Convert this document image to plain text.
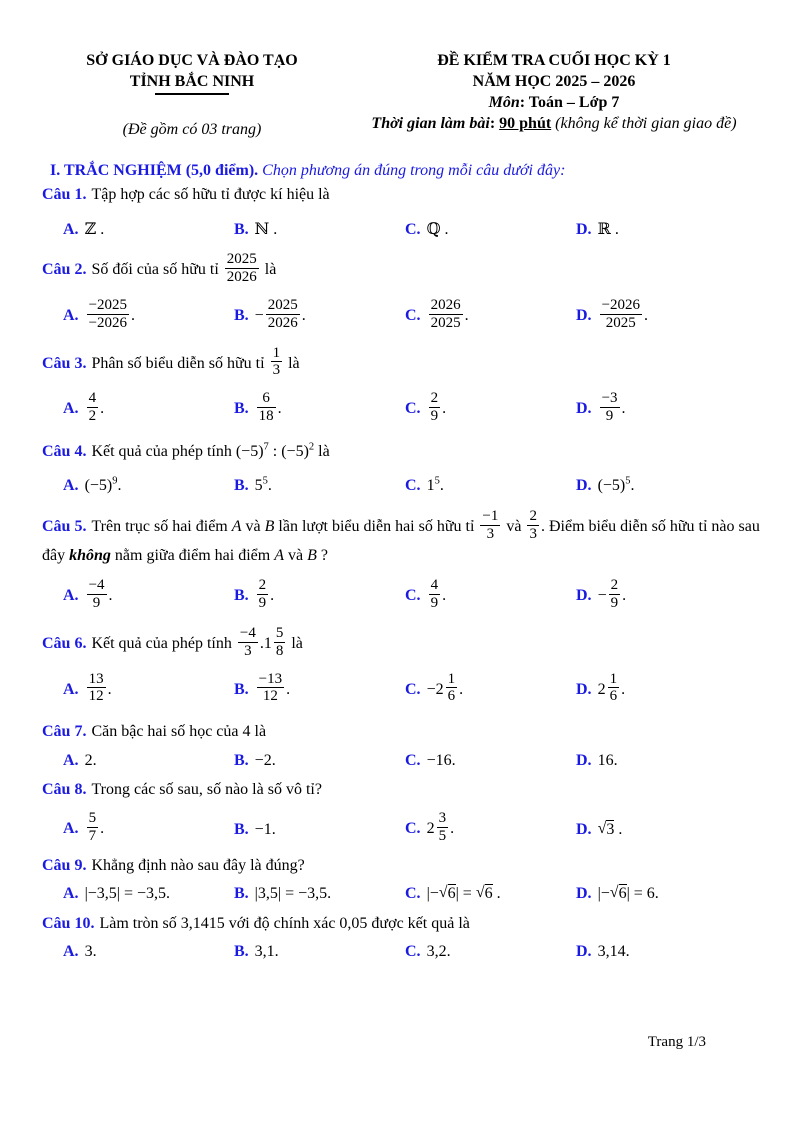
SỞ GIÁO DỤC VÀ ĐÀO TẠO
TỈNH BẮC NINH
(Đề gồm có 03 trang)
ĐỀ KIỂM TRA CUỐI HỌC KỲ 1
NĂM HỌC 2025 – 2026
Môn: Toán – Lớp 7
Thời gian làm bài: 90 phút (không kể thời gian giao đề)
I. TRẮC NGHIỆM (5,0 điểm). Chọn phương án đúng trong mỗi câu dưới đây:
Câu 1. Tập hợp các số hữu tỉ được kí hiệu là
A. ℤ .	B. ℕ .	C. ℚ .	D. ℝ .
Câu 2. Số đối của số hữu tỉ $\frac{2025}{2026}$ là
A. $\frac{-2025}{-2026}$ .	B. − $\frac{2025}{2026}$ .	C. $\frac{2026}{2025}$ .	D. $\frac{-2026}{2025}$ .
Câu 3. Phân số biểu diễn số hữu tỉ $\frac{1}{3}$ là
A. $\frac{4}{2}$ .	B. $\frac{6}{18}$ .	C. $\frac{2}{9}$ .	D. $\frac{-3}{9}$ .
Câu 4. Kết quả của phép tính $(-5)^7$ : $(-5)^2$ là
A. $(-5)^9$.	B. $5^5$.	C. $1^5$.	D. $(-5)^5$.
Câu 5. Trên trục số hai điểm A và B lần lượt biểu diễn hai số hữu tỉ $\frac{-1}{3}$ và $\frac{2}{3}$ . Điểm biểu diễn số hữu tỉ nào sau đây không nằm giữa điểm hai điểm A và B ?
A. $\frac{-4}{9}$ .	B. $\frac{2}{9}$ .	C. $\frac{4}{9}$ .	D. − $\frac{2}{9}$ .
Câu 6. Kết quả của phép tính $\frac{-4}{3} .1 \frac{5}{8}$ là
A. $\frac{13}{12}$ .	B. $\frac{-13}{12}$ .	C. $-2 \frac{1}{6}$ .	D. $2 \frac{1}{6}$ .
Câu 7. Căn bậc hai số học của 4 là
A. 2.	B. −2.	C. −16.	D. 16.
Câu 8. Trong các số sau, số nào là số vô tỉ?
A. $\frac{5}{7}$ .	B. −1.	C. $2 \frac{3}{5}$ .	D. √3 .
Câu 9. Khẳng định nào sau đây là đúng?
A. |−3,5| = −3,5.	B. |3,5| = −3,5.	C. |−√6| = √6 .	D. |−√6| = 6.
Câu 10. Làm tròn số 3,1415 với độ chính xác 0,05 được kết quả là
A. 3.	B. 3,1.	C. 3,2.	D. 3,14.
Trang 1/3
